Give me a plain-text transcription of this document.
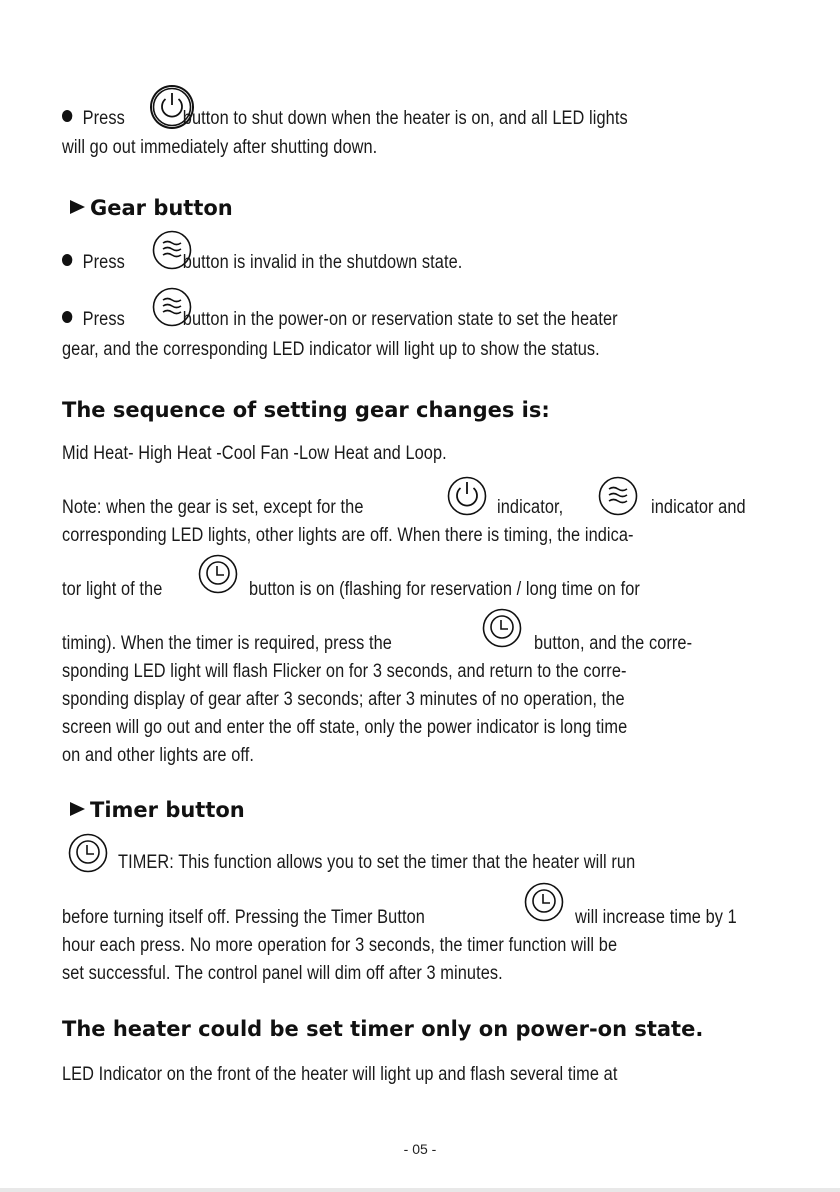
Press	button to shut down when the heater is on, and all LED lights
will go out immediately after shutting down.
Gear button
Press	button is invalid in the shutdown state.
Press	button in the power-on or reservation state to set the heater
gear, and the corresponding LED indicator will light up to show the status.
The sequence of setting gear changes is:
Mid Heat- High Heat -Cool Fan -Low Heat and Loop.
Note: when the gear is set, except for the	indicator,	indicator and
corresponding LED lights, other lights are off. When there is timing, the indica-
tor light of the	button is on (flashing for reservation / long time on for
timing). When the timer is required, press the	button, and the corre-
sponding LED light will flash Flicker on for 3 seconds, and return to the corre-
sponding display of gear after 3 seconds; after 3 minutes of no operation, the
screen will go out and enter the off state, only the power indicator is long time
on and other lights are off.
Timer button
TIMER: This function allows you to set the timer that the heater will run
before turning itself off. Pressing the Timer Button	will increase time by 1
hour each press. No more operation for 3 seconds, the timer function will be
set successful. The control panel will dim off after 3 minutes.
The heater could be set timer only on power-on state.
LED Indicator on the front of the heater will light up and flash several time at
- 05 -
